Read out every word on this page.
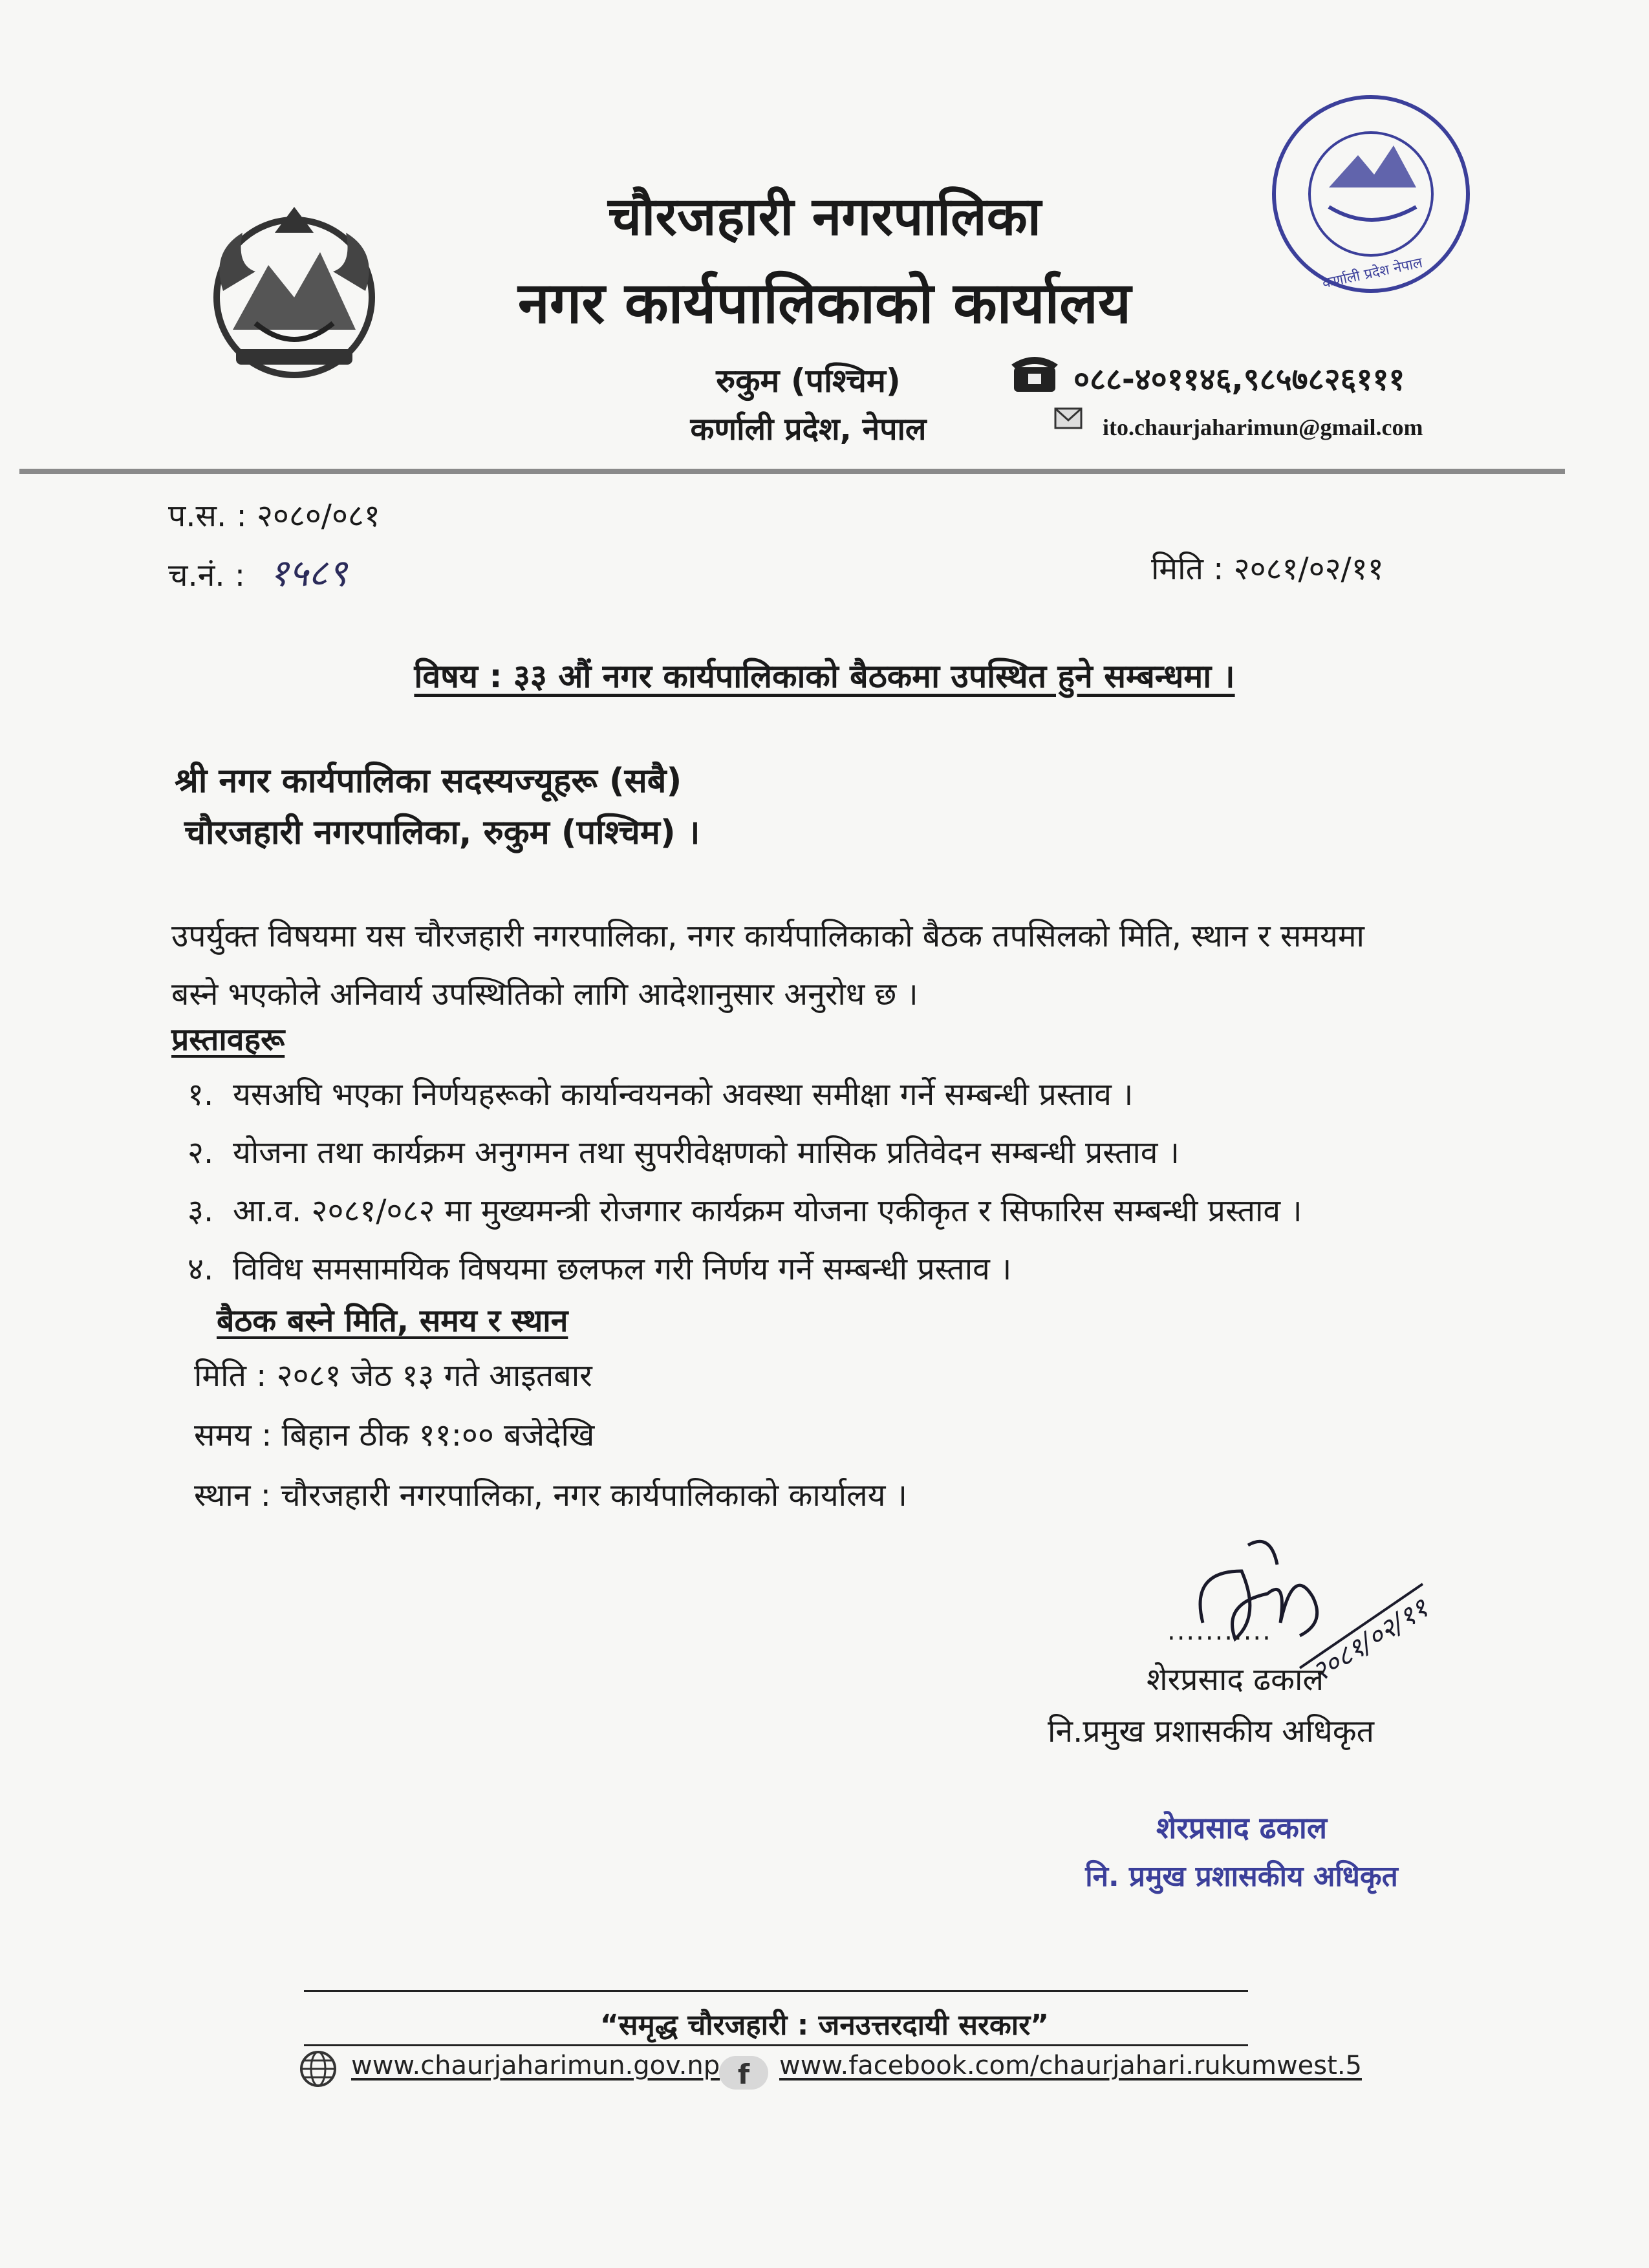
कर्णाली प्रदेश नेपाल
चौरजहारी नगरपालिका
नगर कार्यपालिकाको कार्यालय
रुकुम (पश्चिम)
कर्णाली प्रदेश, नेपाल
०८८-४०११४६,९८५७८२६१११
ito.chaurjaharimun@gmail.com
प.स. : २०८०/०८१
च.नं. : १५८९	मिति : २०८१/०२/११
विषय : ३३ औं नगर कार्यपालिकाको बैठकमा उपस्थित हुने सम्बन्धमा ।
श्री नगर कार्यपालिका सदस्यज्यूहरू (सबै)
चौरजहारी नगरपालिका, रुकुम (पश्चिम) ।
उपर्युक्त विषयमा यस चौरजहारी नगरपालिका, नगर कार्यपालिकाको बैठक तपसिलको मिति, स्थान र समयमा
बस्ने भएकोले अनिवार्य उपस्थितिको लागि आदेशानुसार अनुरोध छ ।
प्रस्तावहरू
१. यसअघि भएका निर्णयहरूको कार्यान्वयनको अवस्था समीक्षा गर्ने सम्बन्धी प्रस्ताव ।
२. योजना तथा कार्यक्रम अनुगमन तथा सुपरीवेक्षणको मासिक प्रतिवेदन सम्बन्धी प्रस्ताव ।
३. आ.व. २०८१/०८२ मा मुख्यमन्त्री रोजगार कार्यक्रम योजना एकीकृत र सिफारिस सम्बन्धी प्रस्ताव ।
४. विविध समसामयिक विषयमा छलफल गरी निर्णय गर्ने सम्बन्धी प्रस्ताव ।
बैठक बस्ने मिति, समय र स्थान
मिति : २०८१ जेठ १३ गते आइतबार
समय : बिहान ठीक ११:०० बजेदेखि
स्थान : चौरजहारी नगरपालिका, नगर कार्यपालिकाको कार्यालय ।
२०८१/०२/११
...........
शेरप्रसाद ढकाल
नि.प्रमुख प्रशासकीय अधिकृत
शेरप्रसाद ढकाल
नि. प्रमुख प्रशासकीय अधिकृत
“समृद्ध चौरजहारी : जनउत्तरदायी सरकार”
www.chaurjaharimun.gov.np f www.facebook.com/chaurjahari.rukumwest.5
